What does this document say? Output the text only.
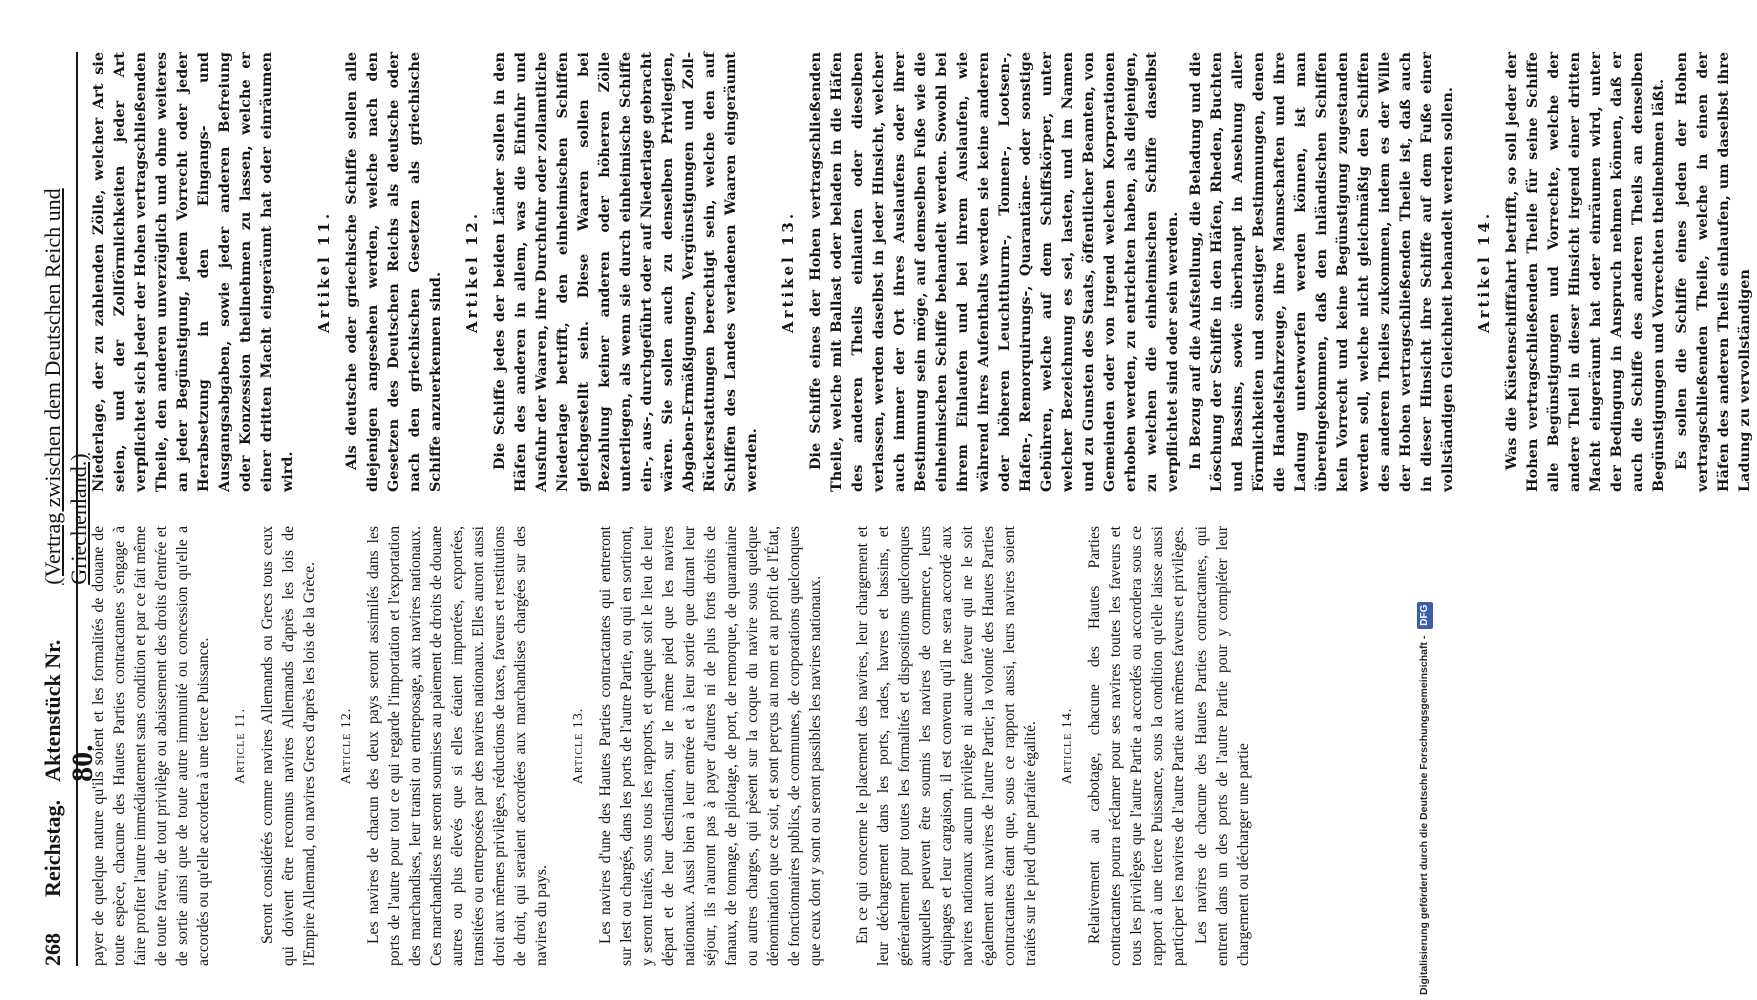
268
Reichstag.
Aktenstück Nr. 80.
(Vertrag zwischen dem Deutschen Reich und Griechenland.)

payer de quelque nature qu'ils soient et les formalités de douane de toute espèce, chacune des Hautes Parties contractantes s'engage à faire profiter l'autre immédiatement sans condition et par ce fait même de toute faveur, de tout privilège ou abaissement des droits d'entrée et de sortie ainsi que de toute autre immunité ou concession qu'elle a accordés ou qu'elle accordera à une tierce Puissance. Article 11. Seront considérés comme navires Allemands ou Grecs tous ceux qui doivent être reconnus navires Allemands d'après les lois de l'Empire Allemand, ou navires Grecs d'après les lois de la Grèce. Article 12. Les navires de chacun des deux pays seront assimilés dans les ports de l'autre pour tout ce qui regarde l'importation et l'exportation des marchandises, leur transit ou entreposage, aux navires nationaux. Ces marchandises ne seront soumises au paiement de droits de douane autres ou plus élevés que si elles étaient importées, exportées, transitées ou entreposées par des navires nationaux. Elles auront aussi droit aux mêmes privilèges, réductions de taxes, faveurs et restitutions de droit, qui seraient accordées aux marchandises chargées sur des navires du pays.

Article 13. Les navires d'une des Hautes Parties contractantes qui entreront sur lest ou chargés, dans les ports de l'autre Partie, ou qui en sortiront, y seront traités, sous tous les rapports, et quelque soit le lieu de leur départ et de leur destination, sur le même pied que les navires nationaux. Aussi bien à leur entrée et à leur sortie que durant leur séjour, ils n'auront pas à payer d'autres ni de plus forts droits de fanaux, de tonnage, de pilotage, de port, de remorque, de quarantaine ou autres charges, qui pèsent sur la coque du navire sous quelque dénomination que ce soit, et sont perçus au nom et au profit de l'État, de fonctionnaires publics, de communes, de corporations quelconques que ceux dont y sont ou seront passibles les navires nationaux. En ce qui concerne le placement des navires, leur chargement et leur déchargement dans les ports, rades, havres et bassins, et généralement pour toutes les formalités et dispositions quelconques auxquelles peuvent être soumis les navires de commerce, leurs équipages et leur cargaison, il est convenu qu'il ne sera accordé aux navires nationaux aucun privilège ni aucune faveur qui ne le soit également aux navires de l'autre Partie; la volonté des Hautes Parties contractantes étant que, sous ce rapport aussi, leurs navires soient traités sur le pied d'une parfaite égalité. Article 14. Relativement au cabotage, chacune des Hautes Parties contractantes pourra réclamer pour ses navires toutes les faveurs et tous les privilèges que l'autre Partie a accordés ou accordera sous ce rapport à une tierce Puissance, sous la condition qu'elle laisse aussi participer les navires de l'autre Partie aux mêmes faveurs et privilèges. Les navires de chacune des Hautes Parties contractantes, qui entrent dans un des ports de l'autre Partie pour y compléter leur chargement ou décharger une partie

Niederlage, der zu zahlenden Zölle, welcher Art sie seien, und der Zollförmlichkeiten jeder Art verpflichtet sich jeder der Hohen vertragschließenden Theile, den anderen unverzüglich und ohne weiteres an jeder Begünstigung, jedem Vorrecht oder jeder Herabsetzung in den Eingangs- und Ausgangsabgaben, sowie jeder anderen Befreiung oder Konzession theilnehmen zu lassen, welche er einer dritten Macht eingeräumt hat oder einräumen wird.

Artikel 11. Als deutsche oder griechische Schiffe sollen alle diejenigen angesehen werden, welche nach den Gesetzen des Deutschen Reichs als deutsche oder nach den griechischen Gesetzen als griechische Schiffe anzuerkennen sind. Artikel 12. Die Schiffe jedes der beiden Länder sollen in den Häfen des anderen in allem, was die Einfuhr und Ausfuhr der Waaren, ihre Durchfuhr oder zollamtliche Niederlage betrifft, den einheimischen Schiffen gleichgestellt sein. Diese Waaren sollen bei Bezahlung keiner anderen oder höheren Zölle unterliegen, als wenn sie durch einheimische Schiffe ein-, aus-, durchgeführt oder auf Niederlage gebracht wären. Sie sollen auch zu denselben Privilegien, Abgaben-Ermäßigungen, Vergünstigungen und Zoll-Rückerstattungen berechtigt sein, welche den auf Schiffen des Landes verladenen Waaren eingeräumt werden.

Artikel 13. Die Schiffe eines der Hohen vertragschließenden Theile, welche mit Ballast oder beladen in die Häfen des anderen Theils einlaufen oder dieselben verlassen, werden daselbst in jeder Hinsicht, welcher auch immer der Ort ihres Auslaufens oder ihrer Bestimmung sein möge, auf demselben Fuße wie die einheimischen Schiffe behandelt werden. Sowohl bei ihrem Einlaufen und bei ihrem Auslaufen, wie während ihres Aufenthalts werden sie keine anderen oder höheren Leuchtthurm-, Tonnen-, Lootsen-, Hafen-, Remorquirungs-, Quarantäne- oder sonstige Gebühren, welche auf dem Schiffskörper, unter welcher Bezeichnung es sei, lasten, und im Namen und zu Gunsten des Staats, öffentlicher Beamten, von Gemeinden oder von irgend welchen Korporationen erhoben werden, zu entrichten haben, als diejenigen, zu welchen die einheimischen Schiffe daselbst verpflichtet sind oder sein werden. In Bezug auf die Aufstellung, die Beladung und die Löschung der Schiffe in den Häfen, Rheden, Buchten und Bassins, sowie überhaupt in Ansehung aller Förmlichkeiten und sonstiger Bestimmungen, denen die Handelsfahrzeuge, ihre Mannschaften und ihre Ladung unterworfen werden können, ist man übereingekommen, daß den inländischen Schiffen kein Vorrecht und keine Begünstigung zugestanden werden soll, welche nicht gleichmäßig den Schiffen des anderen Theiles zukommen, indem es der Wille der Hohen vertragschließenden Theile ist, daß auch in dieser Hinsicht ihre Schiffe auf dem Fuße einer vollständigen Gleichheit behandelt werden sollen. Artikel 14. Was die Küstenschifffahrt betrifft, so soll jeder der Hohen vertragschließenden Theile für seine Schiffe alle Begünstigungen und Vorrechte, welche der andere Theil in dieser Hinsicht irgend einer dritten Macht eingeräumt hat oder einräumen wird, unter der Bedingung in Anspruch nehmen können, daß er auch die Schiffe des anderen Theils an denselben Begünstigungen und Vorrechten theilnehmen läßt. Es sollen die Schiffe eines jeden der Hohen vertragschließenden Theile, welche in einen der Häfen des anderen Theils einlaufen, um daselbst ihre Ladung zu vervollständigen

Digitalisierung gefördert durch die Deutsche Forschungsgemeinschaft - DFG
